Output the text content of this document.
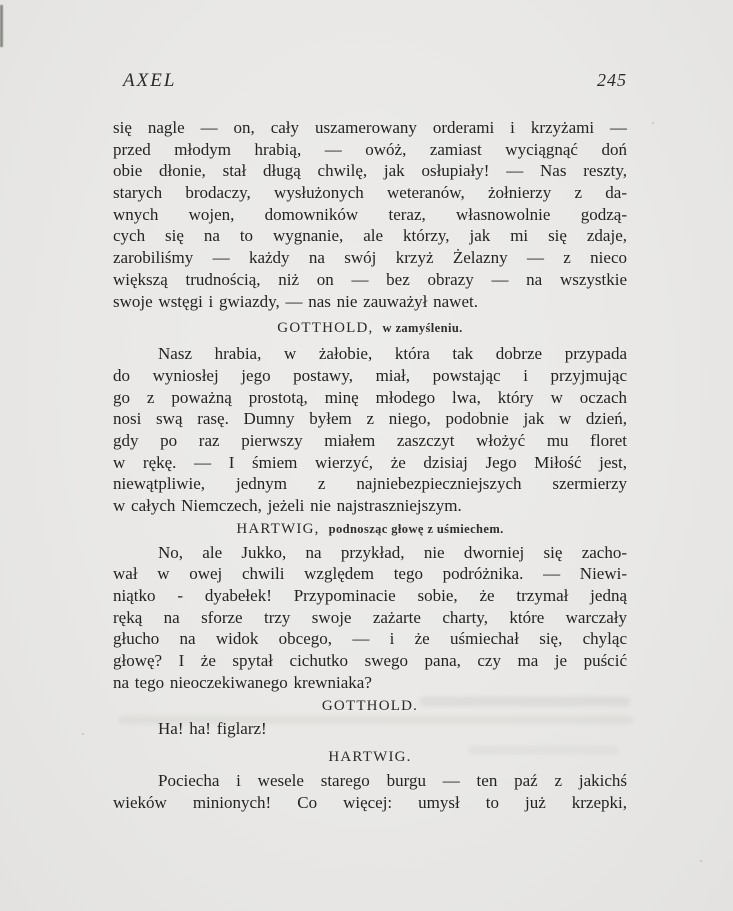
AXEL	245
się nagle — on, cały uszamerowany orderami i krzyżami —
przed młodym hrabią, — owóż, zamiast wyciągnąć doń
obie dłonie, stał długą chwilę, jak osłupiały! — Nas reszty,
starych brodaczy, wysłużonych weteranów, żołnierzy z da-
wnych wojen, domowników teraz, własnowolnie godzą-
cych się na to wygnanie, ale którzy, jak mi się zdaje,
zarobiliśmy — każdy na swój krzyż Żelazny — z nieco
większą trudnością, niż on — bez obrazy — na wszystkie
swoje wstęgi i gwiazdy, — nas nie zauważył nawet.
GOTTHOLD, w zamyśleniu.
Nasz hrabia, w żałobie, która tak dobrze przypada
do wyniosłej jego postawy, miał, powstając i przyjmując
go z poważną prostotą, minę młodego lwa, który w oczach
nosi swą rasę. Dumny byłem z niego, podobnie jak w dzień,
gdy po raz pierwszy miałem zaszczyt włożyć mu floret
w rękę. — I śmiem wierzyć, że dzisiaj Jego Miłość jest,
niewątpliwie, jednym z najniebezpieczniejszych szermierzy
w całych Niemczech, jeżeli nie najstraszniejszym.
HARTWIG, podnosząc głowę z uśmiechem.
No, ale Jukko, na przykład, nie dworniej się zacho-
wał w owej chwili względem tego podróżnika. — Niewi-
niątko - dyabełek! Przypominacie sobie, że trzymał jedną
ręką na sforze trzy swoje zażarte charty, które warczały
głucho na widok obcego, — i że uśmiechał się, chyląc
głowę? I że spytał cichutko swego pana, czy ma je puścić
na tego nieoczekiwanego krewniaka?
GOTTHOLD.
Ha! ha! figlarz!
HARTWIG.
Pociecha i wesele starego burgu — ten paź z jakichś
wieków minionych! Co więcej: umysł to już krzepki,
